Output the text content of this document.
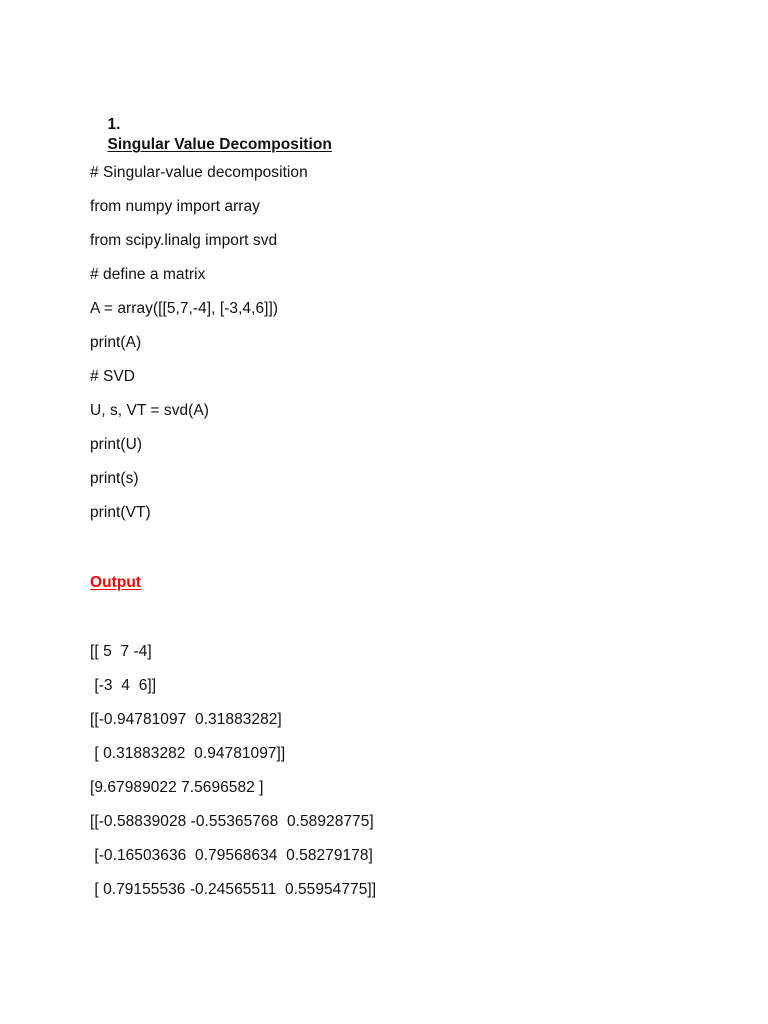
1.
Singular Value Decomposition

# Singular-value decomposition
from numpy import array
from scipy.linalg import svd
# define a matrix
A = array([[5,7,-4], [-3,4,6]])
print(A)
# SVD
U, s, VT = svd(A)
print(U)
print(s)
print(VT)
Output
[[ 5  7 -4]
[-3  4  6]]
[[-0.94781097  0.31883282]
[ 0.31883282  0.94781097]]
[9.67989022 7.5696582 ]
[[-0.58839028 -0.55365768  0.58928775]
[-0.16503636  0.79568634  0.58279178]
[ 0.79155536 -0.24565511  0.55954775]]
